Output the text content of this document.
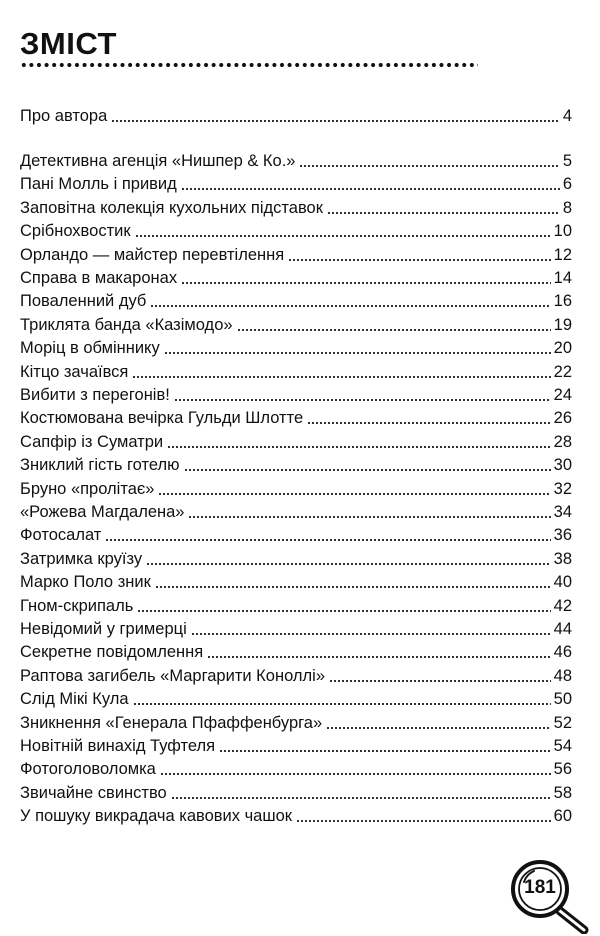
ЗМІСТ
Про автора	4
Детективна агенція «Нишпер & Ко.»	5
Пані Молль і привид	6
Заповітна колекція кухольних підставок	8
Срібнохвостик	10
Орландо — майстер перевтілення	12
Справа в макаронах	14
Поваленний дуб	16
Триклята банда «Казімодо»	19
Моріц в обміннику	20
Кітцо зачаївся	22
Вибити з перегонів!	24
Костюмована вечірка Гульди Шлотте	26
Сапфір із Суматри	28
Зниклий гість готелю	30
Бруно «пролітає»	32
«Рожева Магдалена»	34
Фотосалат	36
Затримка круїзу	38
Марко Поло зник	40
Гном-скрипаль	42
Невідомий у гримерці	44
Секретне повідомлення	46
Раптова загибель «Маргарити Коноллі»	48
Слід Мікі Кула	50
Зникнення «Генерала Пфаффенбурга»	52
Новітній винахід Туфтеля	54
Фотоголоволомка	56
Звичайне свинство	58
У пошуку викрадача кавових чашок	60
181
